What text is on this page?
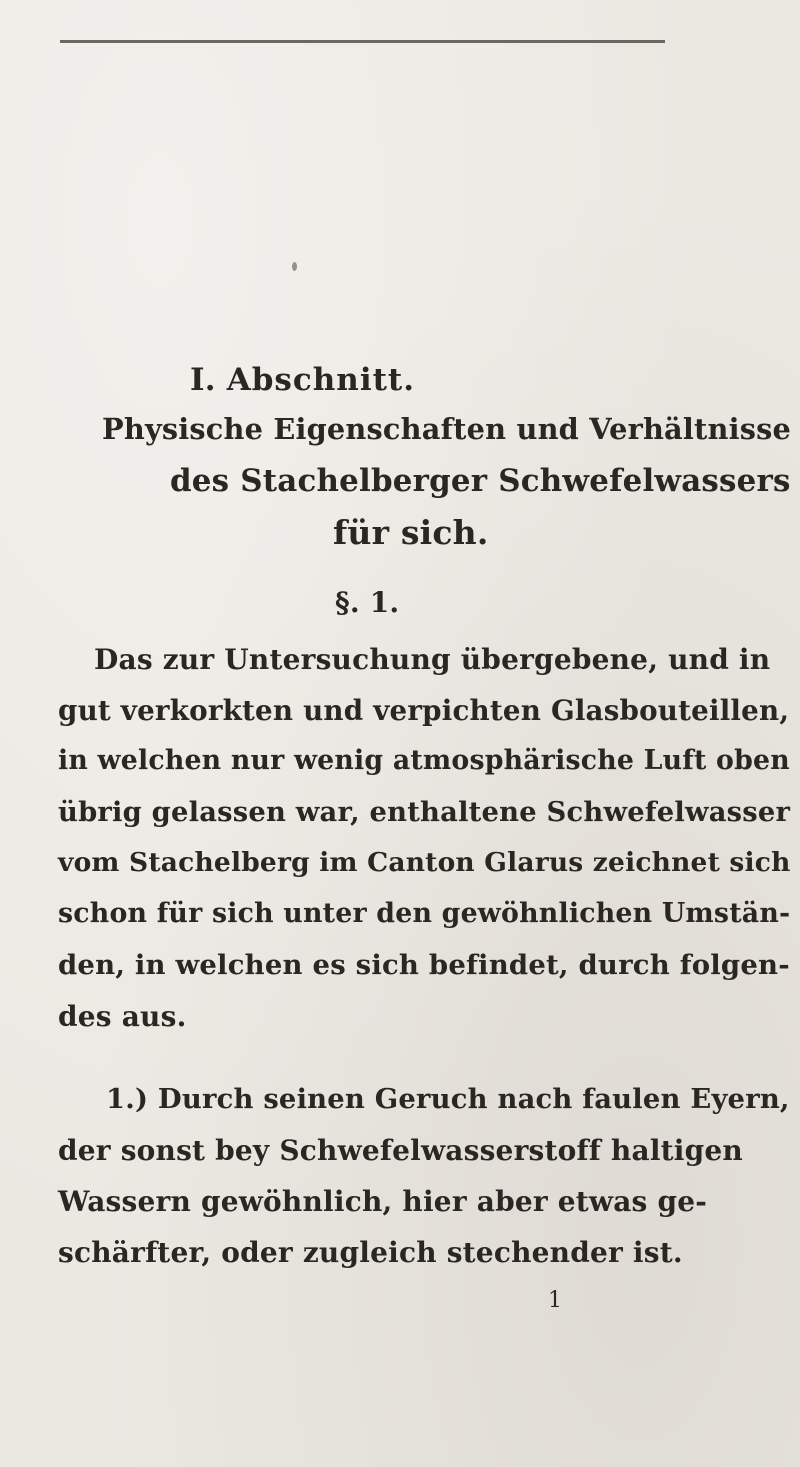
I. Abschnitt.
Physische Eigenschaften und Verhältnisse
des Stachelberger Schwefelwassers
für sich.
§. 1.
Das zur Untersuchung übergebene, und in
gut verkorkten und verpichten Glasbouteillen,
in welchen nur wenig atmosphärische Luft oben
übrig gelassen war, enthaltene Schwefelwasser
vom Stachelberg im Canton Glarus zeichnet sich
schon für sich unter den gewöhnlichen Umstän-
den, in welchen es sich befindet, durch folgen-
des aus.
1.) Durch seinen Geruch nach faulen Eyern,
der sonst bey Schwefelwasserstoff haltigen
Wassern gewöhnlich, hier aber etwas ge-
schärfter, oder zugleich stechender ist.
1
